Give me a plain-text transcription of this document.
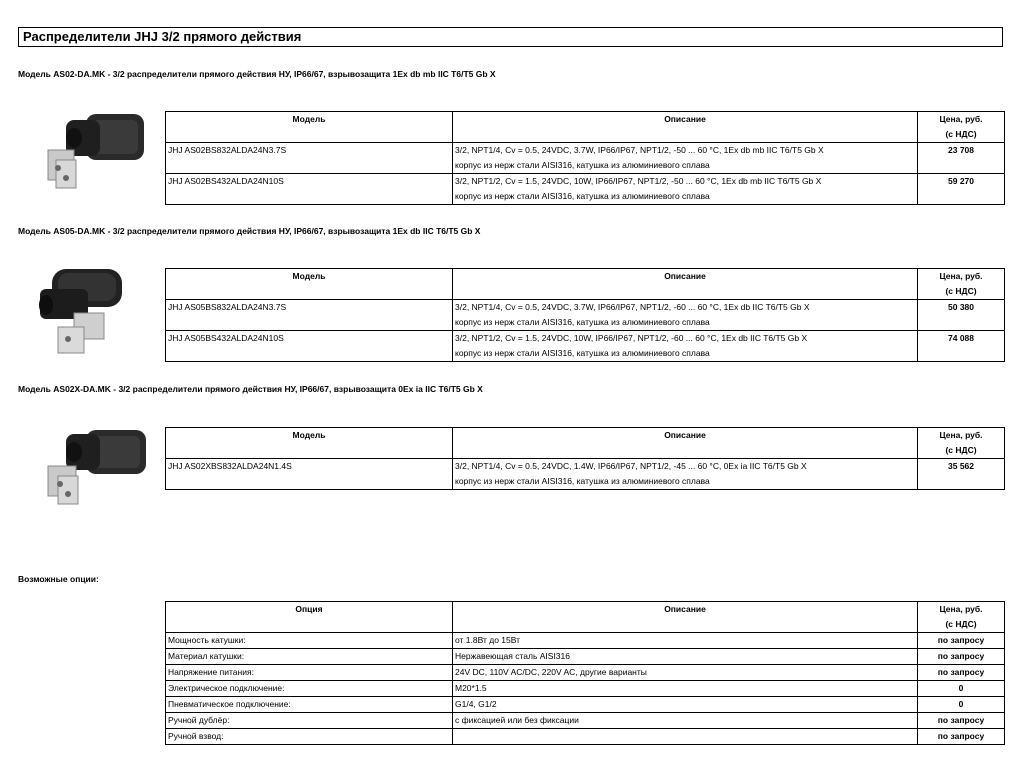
Распределители JHJ 3/2 прямого действия
Модель AS02-DA.MK - 3/2 распределители прямого действия НУ, IP66/67, взрывозащита 1Ex db mb IIC T6/T5 Gb X
Модель	Описание	Цена, руб.
		(с НДС)
JHJ AS02BS832ALDA24N3.7S	3/2, NPT1/4, Cv = 0.5, 24VDC, 3.7W, IP66/IP67, NPT1/2, -50 ... 60 °C, 1Ex db mb IIC T6/T5 Gb X	23 708
	корпус из нерж стали AISI316, катушка из алюминиевого сплава	
JHJ AS02BS432ALDA24N10S	3/2, NPT1/2, Cv = 1.5, 24VDC, 10W, IP66/IP67, NPT1/2, -50 ... 60 °C, 1Ex db mb IIC T6/T5 Gb X	59 270
	корпус из нерж стали AISI316, катушка из алюминиевого сплава	
Модель AS05-DA.MK - 3/2 распределители прямого действия НУ, IP66/67, взрывозащита 1Ex db IIC T6/T5 Gb X
Модель	Описание	Цена, руб.
		(с НДС)
JHJ AS05BS832ALDA24N3.7S	3/2, NPT1/4, Cv = 0.5, 24VDC, 3.7W, IP66/IP67, NPT1/2, -60 ... 60 °C, 1Ex db IIC T6/T5 Gb X	50 380
	корпус из нерж стали AISI316, катушка из алюминиевого сплава	
JHJ AS05BS432ALDA24N10S	3/2, NPT1/2, Cv = 1.5, 24VDC, 10W, IP66/IP67, NPT1/2, -60 ... 60 °C, 1Ex db IIC T6/T5 Gb X	74 088
	корпус из нерж стали AISI316, катушка из алюминиевого сплава	
Модель AS02X-DA.MK - 3/2 распределители прямого действия НУ, IP66/67, взрывозащита 0Ex ia IIC T6/T5 Gb X
Модель	Описание	Цена, руб.
		(с НДС)
JHJ AS02XBS832ALDA24N1.4S	3/2, NPT1/4, Cv = 0.5, 24VDC, 1.4W, IP66/IP67, NPT1/2, -45 ... 60 °C, 0Ex ia IIC T6/T5 Gb X	35 562
	корпус из нерж стали AISI316, катушка из алюминиевого сплава	
Возможные опции:
Опция	Описание	Цена, руб.
		(с НДС)
Мощность катушки:	от 1.8Вт до 15Вт	по запросу
Материал катушки:	Нержавеющая сталь AISI316	по запросу
Напряжение питания:	24V DC, 110V AC/DC, 220V AC, другие варианты	по запросу
Электрическое подключение:	M20*1.5	0
Пневматическое подключение:	G1/4, G1/2	0
Ручной дублёр:	с фиксацией или без фиксации	по запросу
Ручной взвод:		по запросу
